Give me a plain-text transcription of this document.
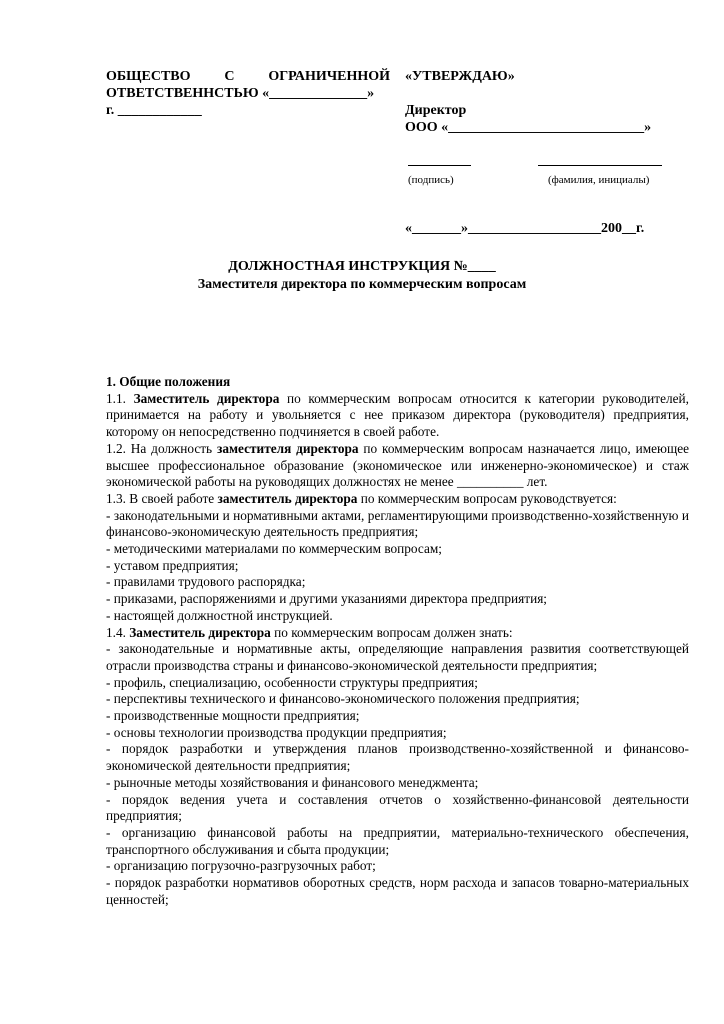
ОБЩЕСТВО С ОГРАНИЧЕННОЙ
ОТВЕТСТВЕННСТЬЮ «______________»
г. ____________
«УТВЕРЖДАЮ»
Директор
ООО «____________________________»
(подпись)	(фамилия, инициалы)
«_______»___________________200__г.
ДОЛЖНОСТНАЯ ИНСТРУКЦИЯ №____
Заместителя директора по коммерческим вопросам

1. Общие положения

1.1. Заместитель директора по коммерческим вопросам относится к категории руководителей, принимается на работу и увольняется с нее приказом директора (руководителя) предприятия, которому он непосредственно подчиняется в своей работе.

1.2. На должность заместителя директора по коммерческим вопросам назначается лицо, имеющее высшее профессиональное образование (экономическое или инженерно-экономическое) и стаж экономической работы на руководящих должностях не менее __________ лет.

1.3. В своей работе заместитель директора по коммерческим вопросам руководствуется:

- законодательными и нормативными актами, регламентирующими производственно-хозяйственную и финансово-экономическую деятельность предприятия;

- методическими материалами по коммерческим вопросам;

- уставом предприятия;

- правилами трудового распорядка;

- приказами, распоряжениями и другими указаниями директора предприятия;

- настоящей должностной инструкцией.

1.4. Заместитель директора по коммерческим вопросам должен знать:

- законодательные и нормативные акты, определяющие направления развития соответствующей отрасли производства страны и финансово-экономической деятельности предприятия;

- профиль, специализацию, особенности структуры предприятия;

- перспективы технического и финансово-экономического положения предприятия;

- производственные мощности предприятия;

- основы технологии производства продукции предприятия;

- порядок разработки и утверждения планов производственно-хозяйственной и финансово-экономической деятельности предприятия;

- рыночные методы хозяйствования и финансового менеджмента;

- порядок ведения учета и составления отчетов о хозяйственно-финансовой деятельности предприятия;

- организацию финансовой работы на предприятии, материально-технического обеспечения, транспортного обслуживания и сбыта продукции;

- организацию погрузочно-разгрузочных работ;

- порядок разработки нормативов оборотных средств, норм расхода и запасов товарно-материальных ценностей;
